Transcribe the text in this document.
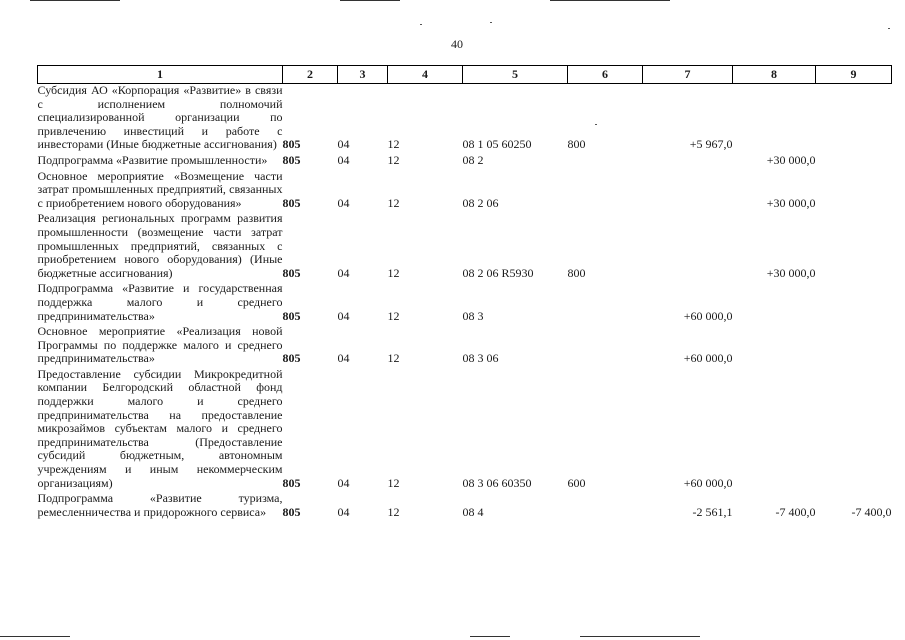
40
1	2	3	4	5	6	7	8	9
Субсидия АО «Корпорация «Развитие» в связи с исполнением полномочий специализированной организации по привлечению инвестиций и работе с инвесторами (Иные бюджетные ассигнования)	805	04	12	08 1 05 60250	800	+5 967,0		
Подпрограмма «Развитие промышленности»	805	04	12	08 2			+30 000,0	
Основное мероприятие «Возмещение части затрат промышленных предприятий, связанных с приобретением нового оборудования»	805	04	12	08 2 06			+30 000,0	
Реализация региональных программ развития промышленности (возмещение части затрат промышленных предприятий, связанных с приобретением нового оборудования) (Иные бюджетные ассигнования)	805	04	12	08 2 06 R5930	800		+30 000,0	
Подпрограмма «Развитие и государственная поддержка малого и среднего предпринимательства»	805	04	12	08 3		+60 000,0		
Основное мероприятие «Реализация новой Программы по поддержке малого и среднего предпринимательства»	805	04	12	08 3 06		+60 000,0		
Предоставление субсидии Микрокредитной компании Белгородский областной фонд поддержки малого и среднего предпринимательства на предоставление микрозаймов субъектам малого и среднего предпринимательства (Предоставление субсидий бюджетным, автономным учреждениям и иным некоммерческим организациям)	805	04	12	08 3 06 60350	600	+60 000,0		
Подпрограмма «Развитие туризма, ремесленничества и придорожного сервиса»	805	04	12	08 4		-2 561,1	-7 400,0	-7 400,0
